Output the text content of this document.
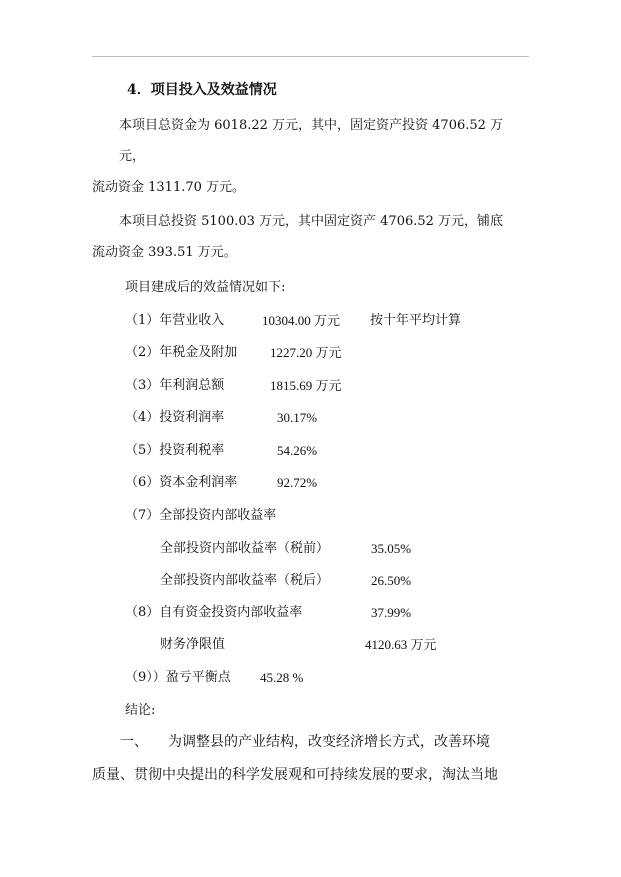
4．项目投入及效益情况
本项目总资金为 6018.22 万元，其中，固定资产投资 4706.52 万
元，
流动资金 1311.70 万元。
本项目总投资 5100.03 万元，其中固定资产 4706.52 万元，铺底
流动资金 393.51 万元。
项目建成后的效益情况如下:
（1）年营业收入	10304.00 万元 按十年平均计算
（2）年税金及附加	1227.20 万元
（3）年利润总额	1815.69 万元
（4）投资利润率	30.17%
（5）投资利税率	54.26%
（6）资本金利润率	92.72%
（7）全部投资内部收益率
全部投资内部收益率（税前）	35.05%
全部投资内部收益率（税后）	26.50%
（8）自有资金投资内部收益率	37.99%
财务净限值	4120.63 万元
（9））盈亏平衡点 45.28 %
结论:
一、 为调整县的产业结构，改变经济增长方式，改善环境
质量、贯彻中央提出的科学发展观和可持续发展的要求，淘汰当地
